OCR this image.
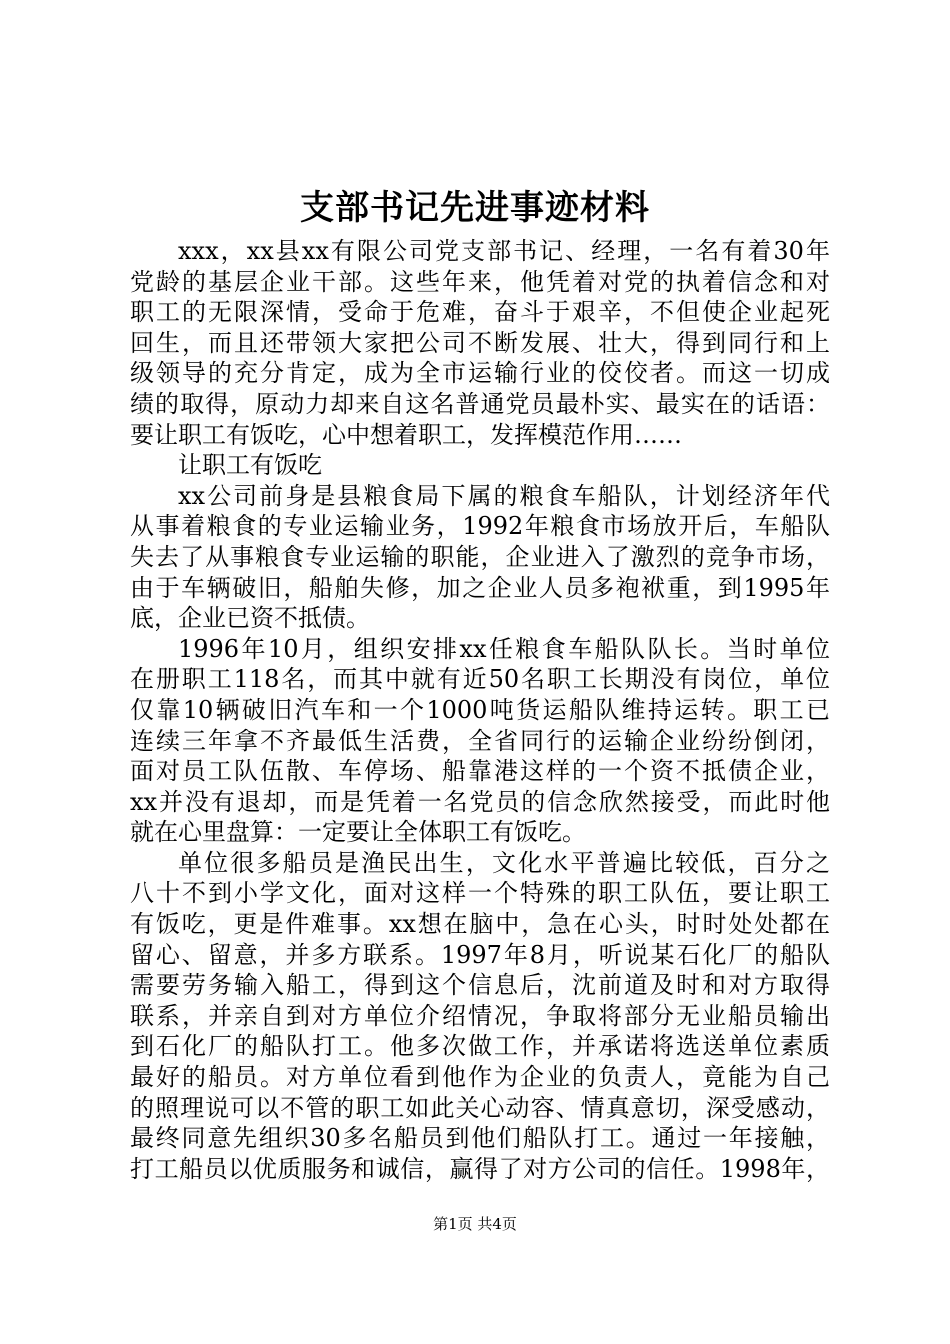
支部书记先进事迹材料
xxx，xx县xx有限公司党支部书记、经理，一名有着30年
党龄的基层企业干部。这些年来，他凭着对党的执着信念和对
职工的无限深情，受命于危难，奋斗于艰辛，不但使企业起死
回生，而且还带领大家把公司不断发展、壮大，得到同行和上
级领导的充分肯定，成为全市运输行业的佼佼者。而这一切成
绩的取得，原动力却来自这名普通党员最朴实、最实在的话语：
要让职工有饭吃，心中想着职工，发挥模范作用……
让职工有饭吃
xx公司前身是县粮食局下属的粮食车船队，计划经济年代
从事着粮食的专业运输业务，1992年粮食市场放开后，车船队
失去了从事粮食专业运输的职能，企业进入了激烈的竞争市场，
由于车辆破旧，船舶失修，加之企业人员多袍袱重，到1995年
底，企业已资不抵债。
1996年10月，组织安排xx任粮食车船队队长。当时单位
在册职工118名，而其中就有近50名职工长期没有岗位，单位
仅靠10辆破旧汽车和一个1000吨货运船队维持运转。职工已
连续三年拿不齐最低生活费，全省同行的运输企业纷纷倒闭，
面对员工队伍散、车停场、船靠港这样的一个资不抵债企业，
xx并没有退却，而是凭着一名党员的信念欣然接受，而此时他
就在心里盘算：一定要让全体职工有饭吃。
单位很多船员是渔民出生，文化水平普遍比较低，百分之
八十不到小学文化，面对这样一个特殊的职工队伍，要让职工
有饭吃，更是件难事。xx想在脑中，急在心头，时时处处都在
留心、留意，并多方联系。1997年8月，听说某石化厂的船队
需要劳务输入船工，得到这个信息后，沈前道及时和对方取得
联系，并亲自到对方单位介绍情况，争取将部分无业船员输出
到石化厂的船队打工。他多次做工作，并承诺将选送单位素质
最好的船员。对方单位看到他作为企业的负责人，竟能为自己
的照理说可以不管的职工如此关心动容、情真意切，深受感动，
最终同意先组织30多名船员到他们船队打工。通过一年接触，
打工船员以优质服务和诚信，赢得了对方公司的信任。1998年，
第1页 共4页
